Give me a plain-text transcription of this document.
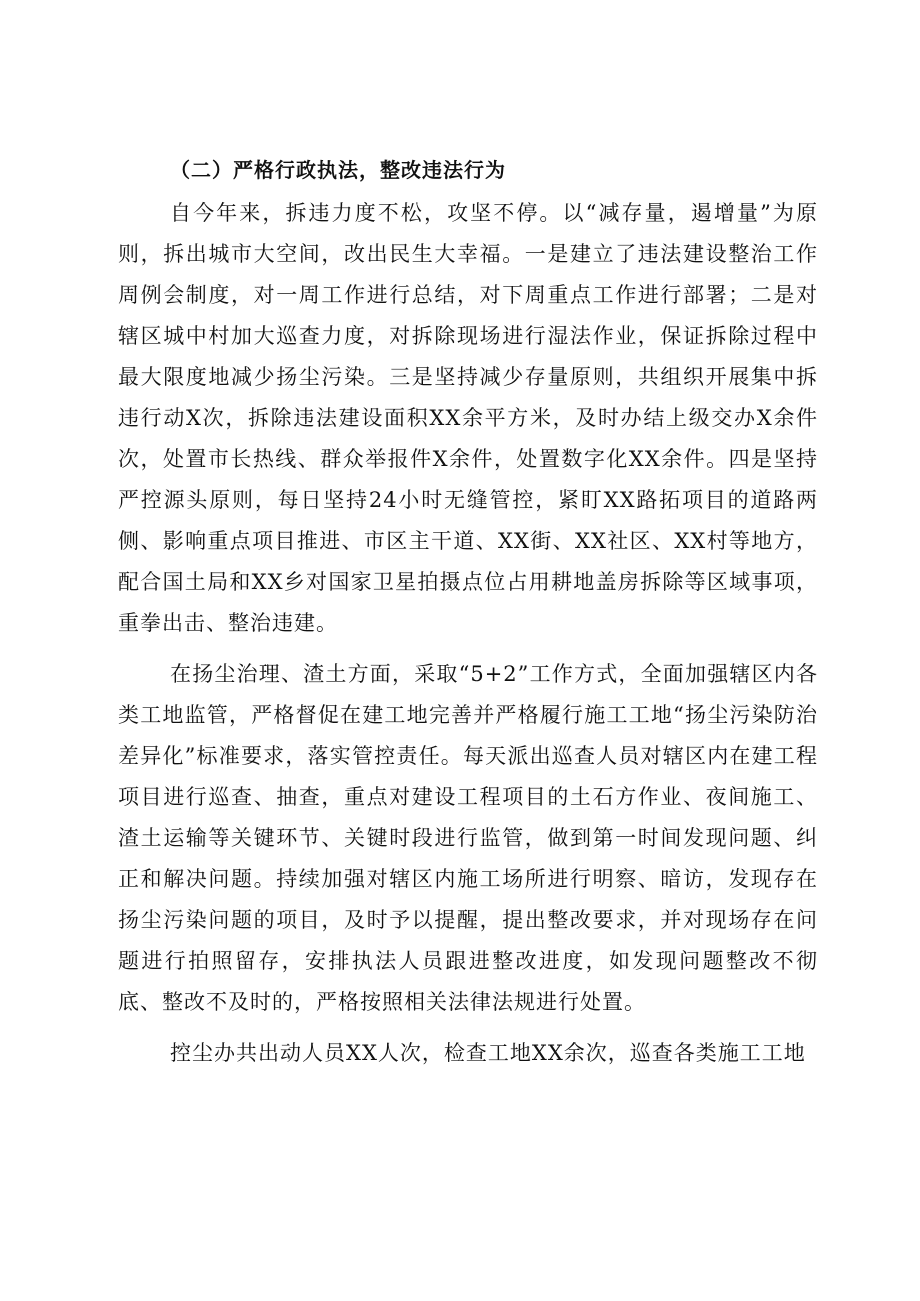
（二）严格行政执法，整改违法行为

自今年来，拆违力度不松，攻坚不停。以“减存量，遏增量”为原则，拆出城市大空间，改出民生大幸福。一是建立了违法建设整治工作周例会制度，对一周工作进行总结，对下周重点工作进行部署；二是对辖区城中村加大巡查力度，对拆除现场进行湿法作业，保证拆除过程中最大限度地减少扬尘污染。三是坚持减少存量原则，共组织开展集中拆违行动X次，拆除违法建设面积XX余平方米，及时办结上级交办X余件次，处置市长热线、群众举报件X余件，处置数字化XX余件。四是坚持严控源头原则，每日坚持24小时无缝管控，紧盯XX路拓项目的道路两侧、影响重点项目推进、市区主干道、XX街、XX社区、XX村等地方，配合国土局和XX乡对国家卫星拍摄点位占用耕地盖房拆除等区域事项，重拳出击、整治违建。

在扬尘治理、渣土方面，采取“5+2”工作方式，全面加强辖区内各类工地监管，严格督促在建工地完善并严格履行施工工地“扬尘污染防治差异化”标准要求，落实管控责任。每天派出巡查人员对辖区内在建工程项目进行巡查、抽查，重点对建设工程项目的土石方作业、夜间施工、渣土运输等关键环节、关键时段进行监管，做到第一时间发现问题、纠正和解决问题。持续加强对辖区内施工场所进行明察、暗访，发现存在扬尘污染问题的项目，及时予以提醒，提出整改要求，并对现场存在问题进行拍照留存，安排执法人员跟进整改进度，如发现问题整改不彻底、整改不及时的，严格按照相关法律法规进行处置。

控尘办共出动人员XX人次，检查工地XX余次，巡查各类施工工地
